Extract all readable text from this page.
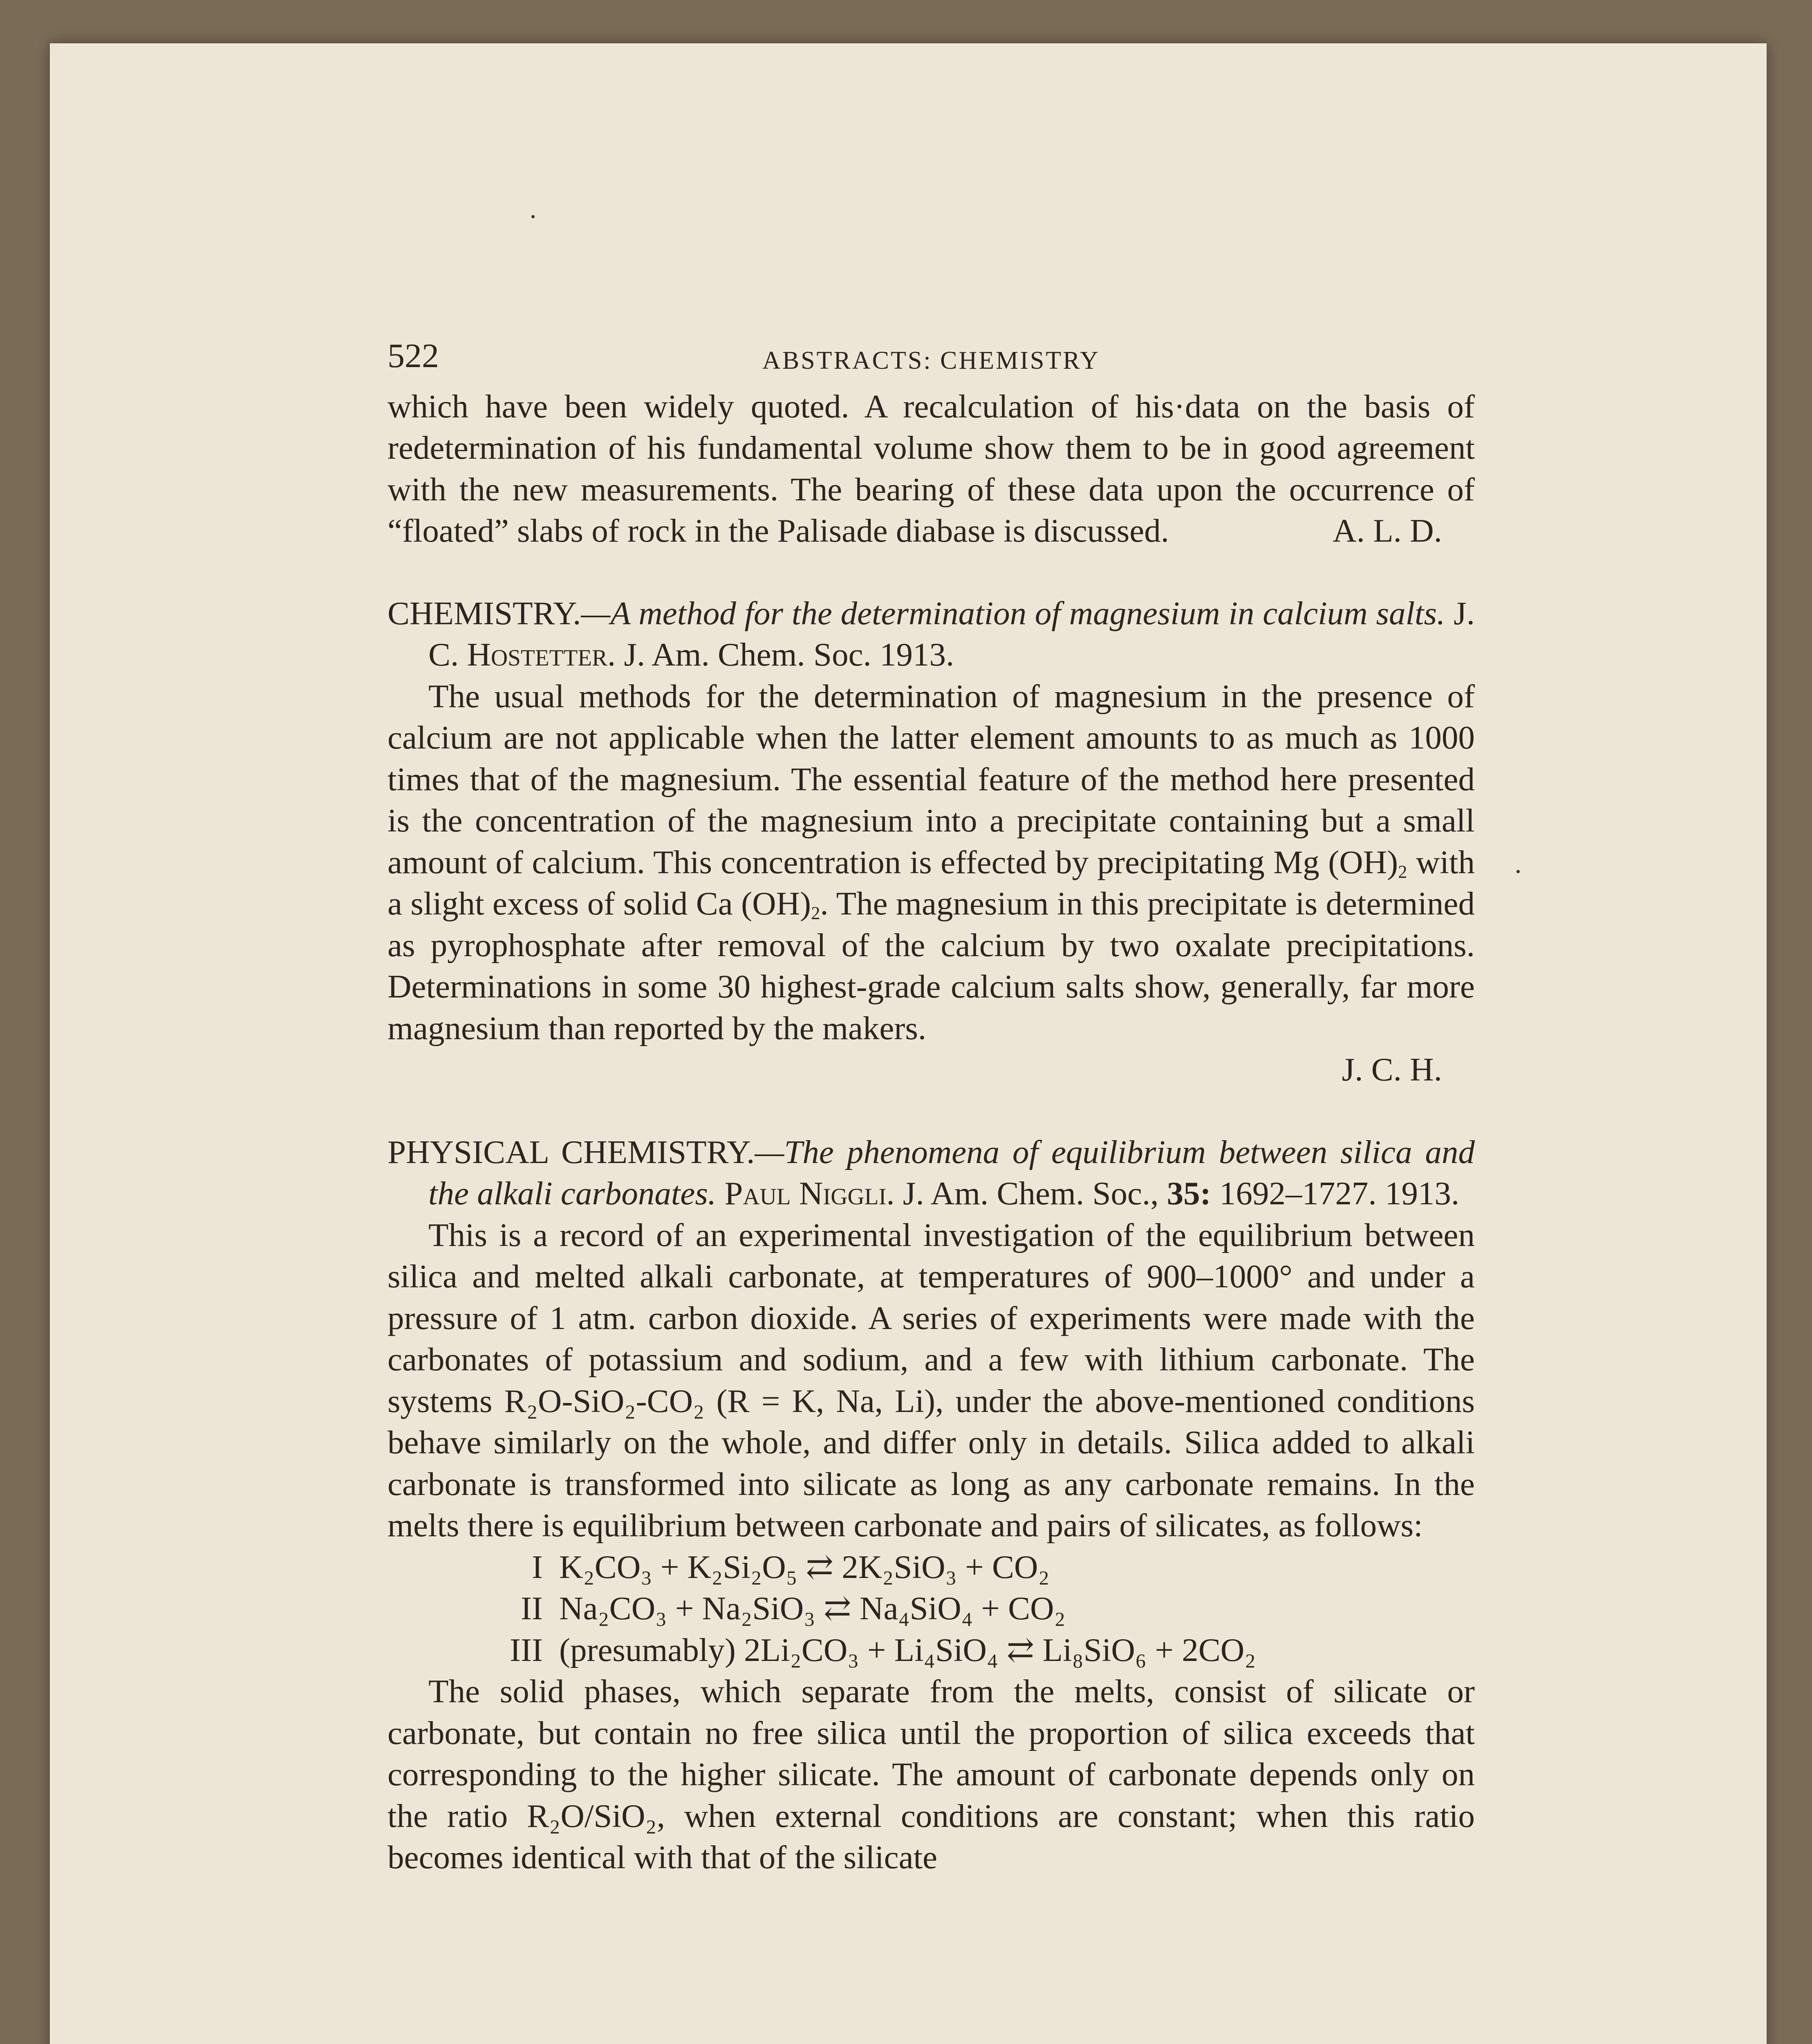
522	ABSTRACTS: CHEMISTRY

which have been widely quoted. A recalculation of his·data on the basis of redetermination of his fundamental volume show them to be in good agreement with the new measurements. The bearing of these data upon the occurrence of “floated” slabs of rock in the Palisade diabase is discussed.	A. L. D.

CHEMISTRY.—A method for the determination of magnesium in calcium salts. J. C. Hostetter. J. Am. Chem. Soc. 1913.

The usual methods for the determination of magnesium in the presence of calcium are not applicable when the latter element amounts to as much as 1000 times that of the magnesium. The essential feature of the method here presented is the concentration of the magnesium into a precipitate containing but a small amount of calcium. This concentration is effected by precipitating Mg $(OH)_2$ with a slight excess of solid Ca $(OH)_2$. The magnesium in this precipitate is determined as pyrophosphate after removal of the calcium by two oxalate precipitations. Determinations in some 30 highest-grade calcium salts show, generally, far more magnesium than reported by the makers.

J. C. H.

PHYSICAL CHEMISTRY.—The phenomena of equilibrium between silica and the alkali carbonates. Paul Niggli. J. Am. Chem. Soc., 35: 1692–1727. 1913.

This is a record of an experimental investigation of the equilibrium between silica and melted alkali carbonate, at temperatures of 900–1000° and under a pressure of 1 atm. carbon dioxide. A series of experiments were made with the carbonates of potassium and sodium, and a few with lithium carbonate. The systems R₂O-SiO₂-CO₂ (R = K, Na, Li), under the above-mentioned conditions behave similarly on the whole, and differ only in details. Silica added to alkali carbonate is transformed into silicate as long as any carbonate remains. In the melts there is equilibrium between carbonate and pairs of silicates, as follows:

I K₂CO₃ + K₂Si₂O₅ ⇄ 2K₂SiO₃ + CO₂

II Na₂CO₃ + Na₂SiO₃ ⇄ Na₄SiO₄ + CO₂

III (presumably) 2Li₂CO₃ + Li₄SiO₄ ⇄ Li₈SiO₆ + 2CO₂

The solid phases, which separate from the melts, consist of silicate or carbonate, but contain no free silica until the proportion of silica exceeds that corresponding to the higher silicate. The amount of carbonate depends only on the ratio R₂O/SiO₂, when external conditions are constant; when this ratio becomes identical with that of the silicate
